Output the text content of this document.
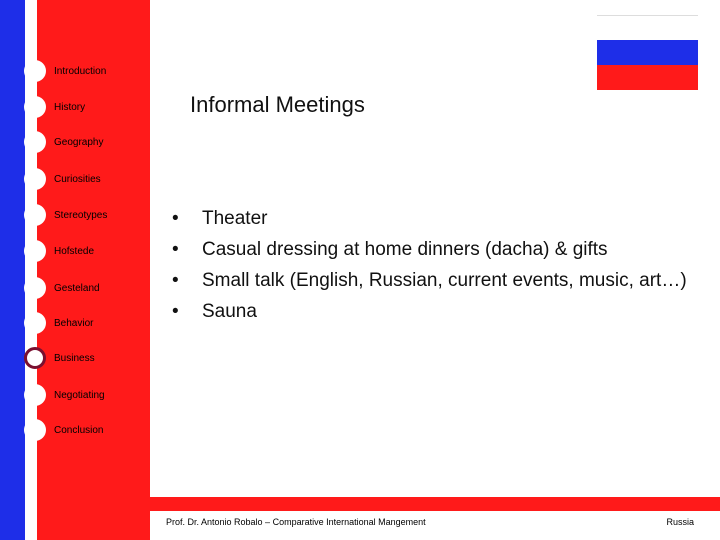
Introduction
History
Geography
Curiosities
Stereotypes
Hofstede
Gesteland
Behavior
Business
Negotiating
Conclusion
Informal Meetings
• Theater
• Casual dressing at home dinners (dacha) & gifts
• Small talk (English, Russian, current events, music, art…)
• Sauna
Prof. Dr. Antonio Robalo – Comparative International Mangement	Russia
